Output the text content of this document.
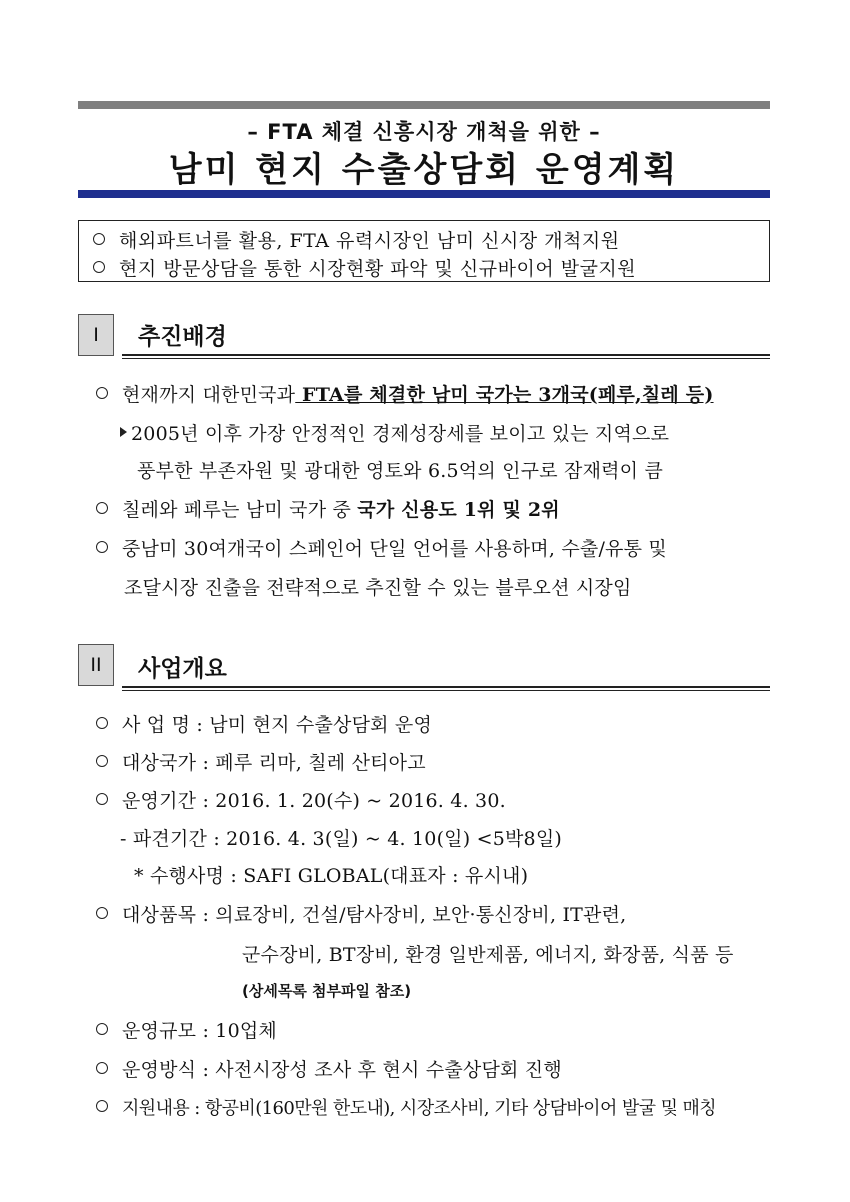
– FTA 체결 신흥시장 개척을 위한 –
남미 현지 수출상담회 운영계획
해외파트너를 활용, FTA 유력시장인 남미 신시장 개척지원
현지 방문상담을 통한 시장현황 파악 및 신규바이어 발굴지원
I	추진배경
현재까지 대한민국과 FTA를 체결한 남미 국가는 3개국(페루,칠레 등)
2005년 이후 가장 안정적인 경제성장세를 보이고 있는 지역으로
풍부한 부존자원 및 광대한 영토와 6.5억의 인구로 잠재력이 큼
칠레와 페루는 남미 국가 중 국가 신용도 1위 및 2위
중남미 30여개국이 스페인어 단일 언어를 사용하며, 수출/유통 및
조달시장 진출을 전략적으로 추진할 수 있는 블루오션 시장임
II	사업개요
사 업 명 : 남미 현지 수출상담회 운영
대상국가 : 페루 리마, 칠레 산티아고
운영기간 : 2016. 1. 20(수) ~ 2016. 4. 30.
- 파견기간 : 2016. 4. 3(일) ~ 4. 10(일) <5박8일)
* 수행사명 : SAFI GLOBAL(대표자 : 유시내)
대상품목 : 의료장비, 건설/탐사장비, 보안·통신장비, IT관련,
군수장비, BT장비, 환경 일반제품, 에너지, 화장품, 식품 등
(상세목록 첨부파일 참조)
운영규모 : 10업체
운영방식 : 사전시장성 조사 후 현시 수출상담회 진행
지원내용 : 항공비(160만원 한도내), 시장조사비, 기타 상담바이어 발굴 및 매칭
